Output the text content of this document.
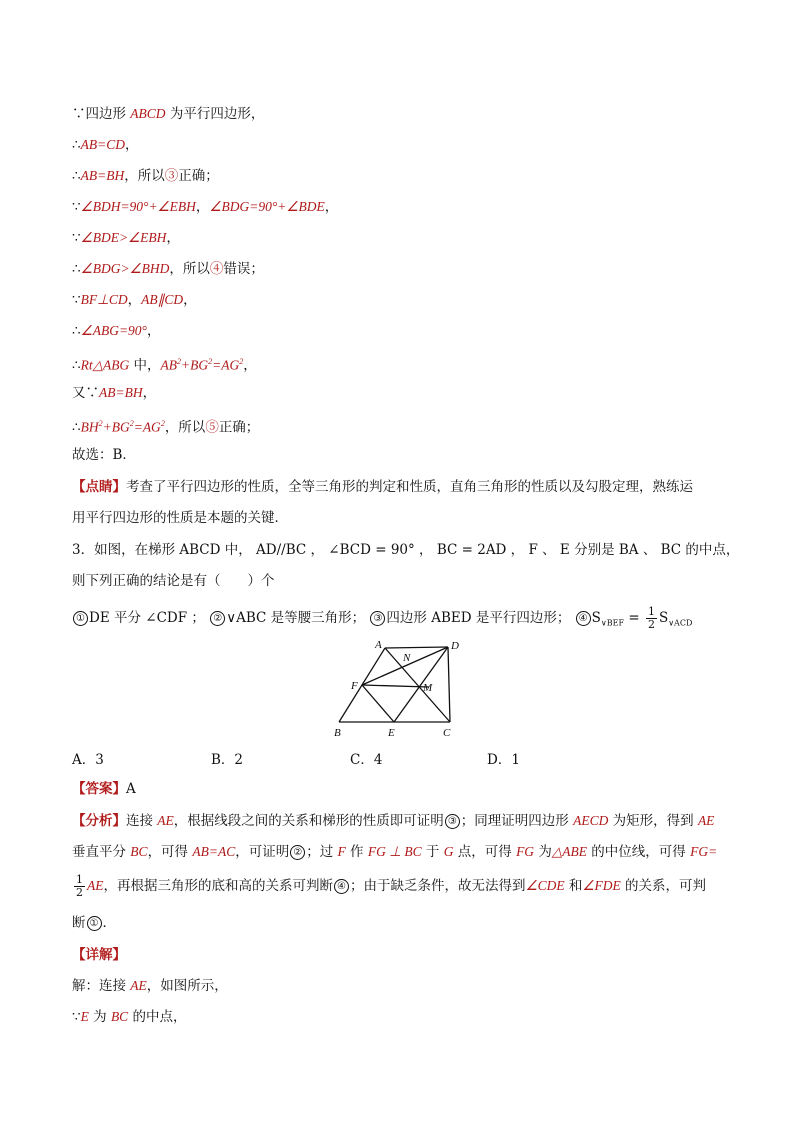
∵四边形 ABCD 为平行四边形，
∴AB=CD，
∴AB=BH，所以③正确；
∵∠BDH=90°+∠EBH，∠BDG=90°+∠BDE，
∵∠BDE>∠EBH，
∴∠BDG>∠BHD，所以④错误；
∵BF⊥CD，AB∥CD，
∴∠ABG=90°，
∴Rt△ABG 中，$AB^2+BG^2=AG^2$，
又∵AB=BH，
$\therefore BH^2+BG^2=AG^2$，所以⑤正确；
故选：B．
【点睛】考查了平行四边形的性质，全等三角形的判定和性质，直角三角形的性质以及勾股定理，熟练运
用平行四边形的性质是本题的关键．
3．如图，在梯形 ABCD 中， AD//BC ， ∠BCD = 90° ， BC = 2AD ， F 、 E 分别是 BA 、 BC 的中点，
则下列正确的结论是有（　　）个
① DE 平分 ∠CDF ； ② ∨ABC 是等腰三角形； ③ 四边形 ABED 是平行四边形； ④ $S_{\vee BEF} = \frac{1}{2} S_{\vee ACD}$
A	D
N
F	M
B	E	C
A．3	B．2	C．4	D．1
【答案】A
【分析】连接 AE，根据线段之间的关系和梯形的性质即可证明 ③ ；同理证明四边形 AECD 为矩形，得到 AE
垂直平分 BC，可得 AB=AC，可证明 ② ；过 F 作 FG ⊥ BC 于 G 点，可得 FG 为△ABE 的中位线，可得 FG=
$\frac{1}{2}$ AE，再根据三角形的底和高的关系可判断 ④ ；由于缺乏条件，故无法得到∠CDE 和∠FDE 的关系，可判
断 ① ．
【详解】
解：连接 AE，如图所示，
∵E 为 BC 的中点，
